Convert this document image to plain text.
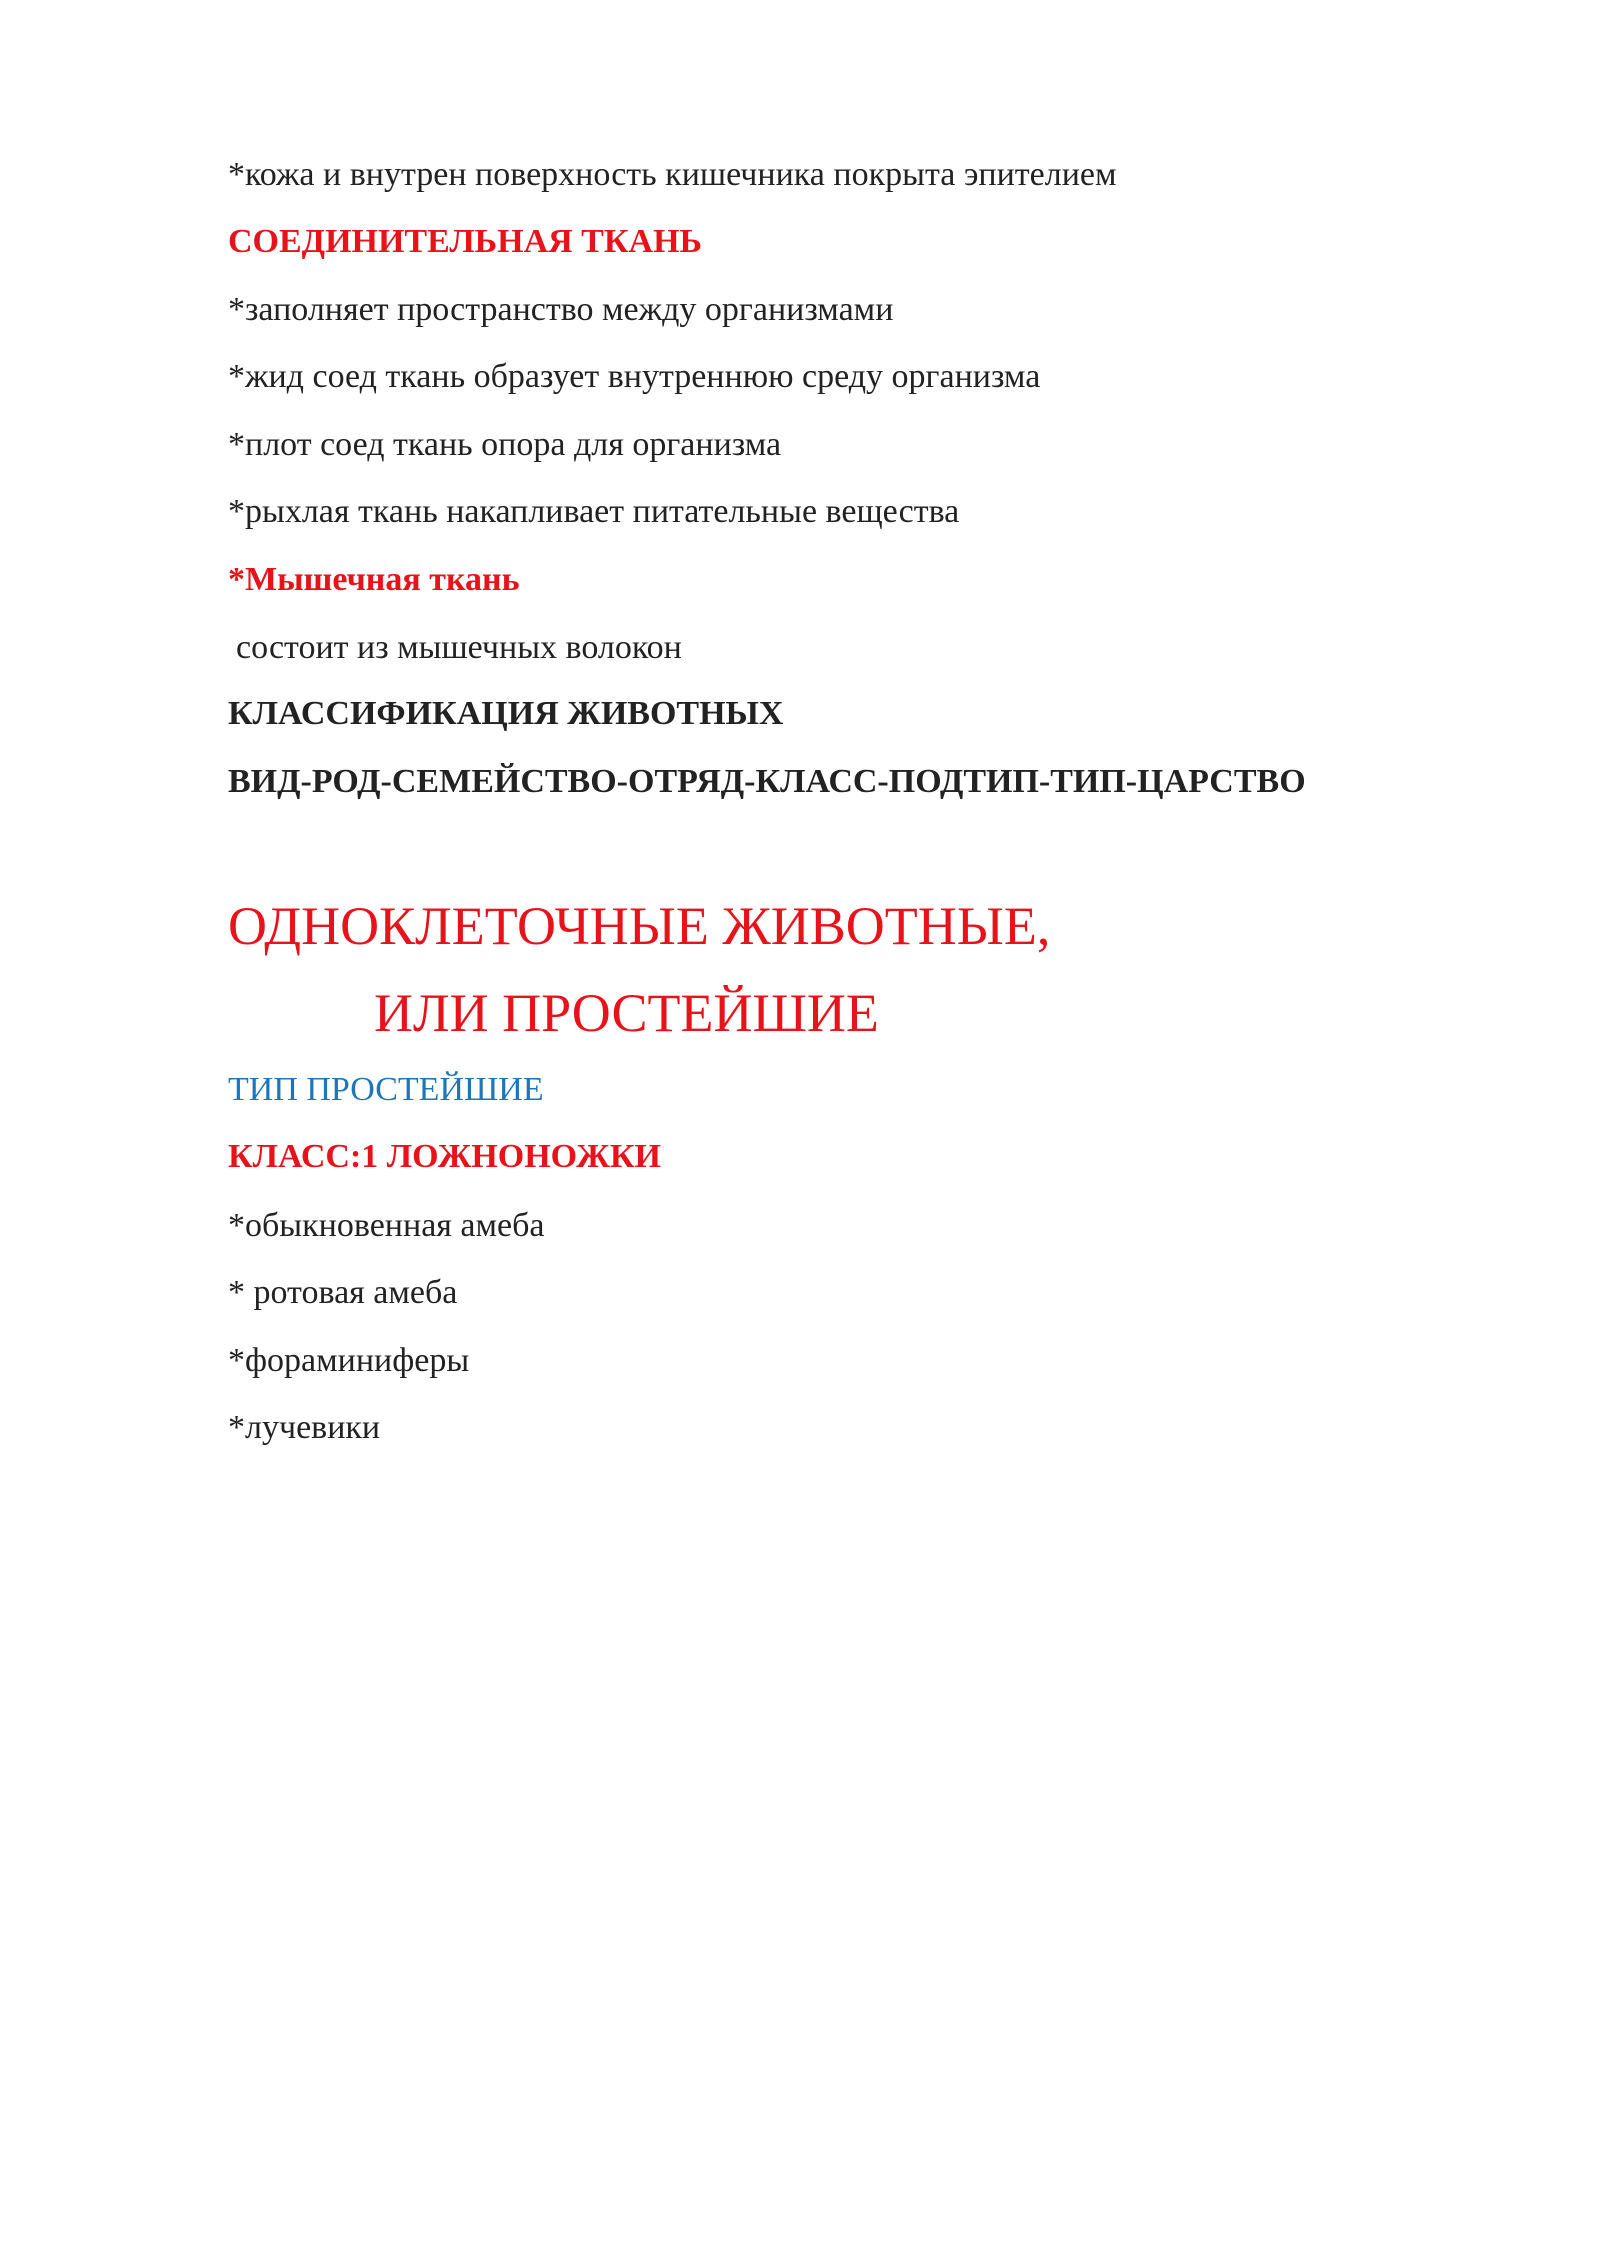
*кожа и внутрен поверхность кишечника покрыта эпителием
СОЕДИНИТЕЛЬНАЯ ТКАНЬ
*заполняет пространство между организмами
*жид соед ткань образует внутреннюю среду организма
*плот соед ткань опора для организма
*рыхлая ткань накапливает питательные вещества
*Мышечная ткань
состоит из мышечных волокон
КЛАССИФИКАЦИЯ ЖИВОТНЫХ
ВИД-РОД-СЕМЕЙСТВО-ОТРЯД-КЛАСС-ПОДТИП-ТИП-ЦАРСТВО
ОДНОКЛЕТОЧНЫЕ ЖИВОТНЫЕ,
ИЛИ ПРОСТЕЙШИЕ
ТИП ПРОСТЕЙШИЕ
КЛАСС:1 ЛОЖНОНОЖКИ
*обыкновенная амеба
* ротовая амеба
*фораминиферы
*лучевики
